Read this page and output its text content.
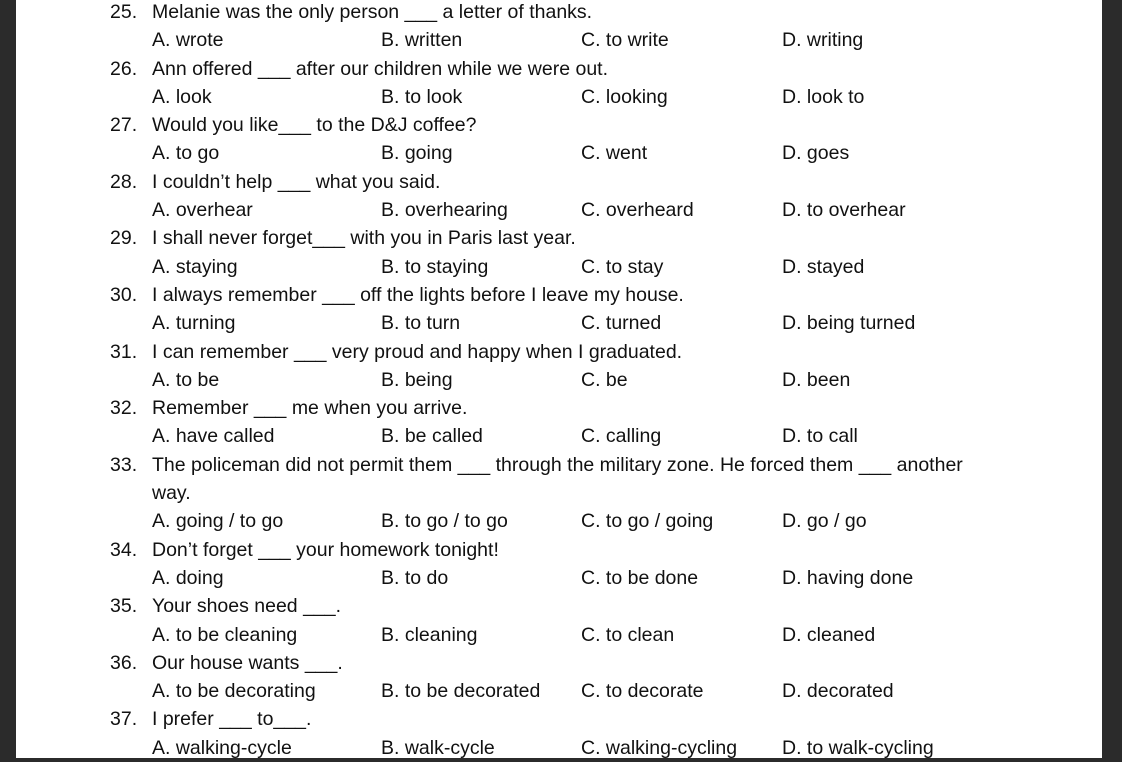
25. Melanie was the only person ___ a letter of thanks.
A. wrote	B. written	C. to write	D. writing
26. Ann offered ___ after our children while we were out.
A. look	B. to look	C. looking	D. look to
27. Would you like___ to the D&J coffee?
A. to go	B. going	C. went	D. goes
28. I couldn’t help ___ what you said.
A. overhear	B. overhearing	C. overheard	D. to overhear
29. I shall never forget___ with you in Paris last year.
A. staying	B. to staying	C. to stay	D. stayed
30. I always remember ___ off the lights before I leave my house.
A. turning	B. to turn	C. turned	D. being turned
31. I can remember ___ very proud and happy when I graduated.
A. to be	B. being	C. be	D. been
32. Remember ___ me when you arrive.
A. have called	B. be called	C. calling	D. to call
33. The policeman did not permit them ___ through the military zone. He forced them ___ another
way.
A. going / to go	B. to go / to go	C. to go / going	D. go / go
34. Don’t forget ___ your homework tonight!
A. doing	B. to do	C. to be done	D. having done
35. Your shoes need ___.
A. to be cleaning	B. cleaning	C. to clean	D. cleaned
36. Our house wants ___.
A. to be decorating	B. to be decorated C. to decorate	D. decorated
37. I prefer ___ to___.
A. walking-cycle	B. walk-cycle	C. walking-cycling D. to walk-cycling
